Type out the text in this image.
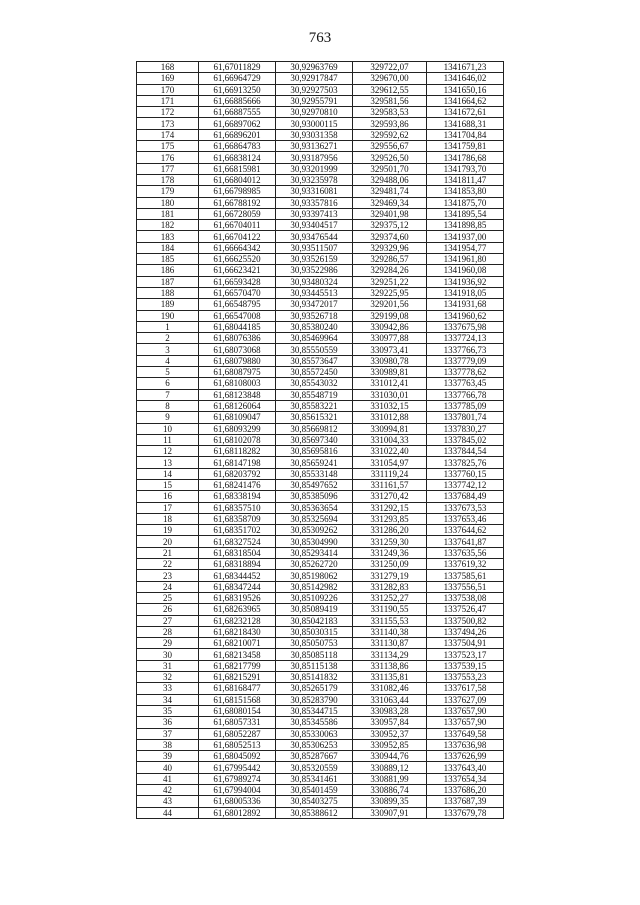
763
168	61,67011829	30,92963769	329722,07	1341671,23
169	61,66964729	30,92917847	329670,00	1341646,02
170	61,66913250	30,92927503	329612,55	1341650,16
171	61,66885666	30,92955791	329581,56	1341664,62
172	61,66887555	30,92970810	329583,53	1341672,61
173	61,66897062	30,93000115	329593,86	1341688,31
174	61,66896201	30,93031358	329592,62	1341704,84
175	61,66864783	30,93136271	329556,67	1341759,81
176	61,66838124	30,93187956	329526,50	1341786,68
177	61,66815981	30,93201999	329501,70	1341793,70
178	61,66804012	30,93235978	329488,06	1341811,47
179	61,66798985	30,93316081	329481,74	1341853,80
180	61,66788192	30,93357816	329469,34	1341875,70
181	61,66728059	30,93397413	329401,98	1341895,54
182	61,66704011	30,93404517	329375,12	1341898,85
183	61,66704122	30,93476544	329374,60	1341937,00
184	61,66664342	30,93511507	329329,96	1341954,77
185	61,66625520	30,93526159	329286,57	1341961,80
186	61,66623421	30,93522986	329284,26	1341960,08
187	61,66593428	30,93480324	329251,22	1341936,92
188	61,66570470	30,93445513	329225,95	1341918,05
189	61,66548795	30,93472017	329201,56	1341931,68
190	61,66547008	30,93526718	329199,08	1341960,62
1	61,68044185	30,85380240	330942,86	1337675,98
2	61,68076386	30,85469964	330977,88	1337724,13
3	61,68073068	30,85550559	330973,41	1337766,73
4	61,68079880	30,85573647	330980,78	1337779,09
5	61,68087975	30,85572450	330989,81	1337778,62
6	61,68108003	30,85543032	331012,41	1337763,45
7	61,68123848	30,85548719	331030,01	1337766,78
8	61,68126064	30,85583221	331032,15	1337785,09
9	61,68109047	30,85615321	331012,88	1337801,74
10	61,68093299	30,85669812	330994,81	1337830,27
11	61,68102078	30,85697340	331004,33	1337845,02
12	61,68118282	30,85695816	331022,40	1337844,54
13	61,68147198	30,85659241	331054,97	1337825,76
14	61,68203792	30,85533148	331119,24	1337760,15
15	61,68241476	30,85497652	331161,57	1337742,12
16	61,68338194	30,85385096	331270,42	1337684,49
17	61,68357510	30,85363654	331292,15	1337673,53
18	61,68358709	30,85325694	331293,85	1337653,46
19	61,68351702	30,85309262	331286,20	1337644,62
20	61,68327524	30,85304990	331259,30	1337641,87
21	61,68318504	30,85293414	331249,36	1337635,56
22	61,68318894	30,85262720	331250,09	1337619,32
23	61,68344452	30,85198062	331279,19	1337585,61
24	61,68347244	30,85142982	331282,83	1337556,51
25	61,68319526	30,85109226	331252,27	1337538,08
26	61,68263965	30,85089419	331190,55	1337526,47
27	61,68232128	30,85042183	331155,53	1337500,82
28	61,68218430	30,85030315	331140,38	1337494,26
29	61,68210071	30,85050753	331130,87	1337504,91
30	61,68213458	30,85085118	331134,29	1337523,17
31	61,68217799	30,85115138	331138,86	1337539,15
32	61,68215291	30,85141832	331135,81	1337553,23
33	61,68168477	30,85265179	331082,46	1337617,58
34	61,68151568	30,85283790	331063,44	1337627,09
35	61,68080154	30,85344715	330983,28	1337657,90
36	61,68057331	30,85345586	330957,84	1337657,90
37	61,68052287	30,85330063	330952,37	1337649,58
38	61,68052513	30,85306253	330952,85	1337636,98
39	61,68045092	30,85287667	330944,76	1337626,99
40	61,67995442	30,85320559	330889,12	1337643,40
41	61,67989274	30,85341461	330881,99	1337654,34
42	61,67994004	30,85401459	330886,74	1337686,20
43	61,68005336	30,85403275	330899,35	1337687,39
44	61,68012892	30,85388612	330907,91	1337679,78
